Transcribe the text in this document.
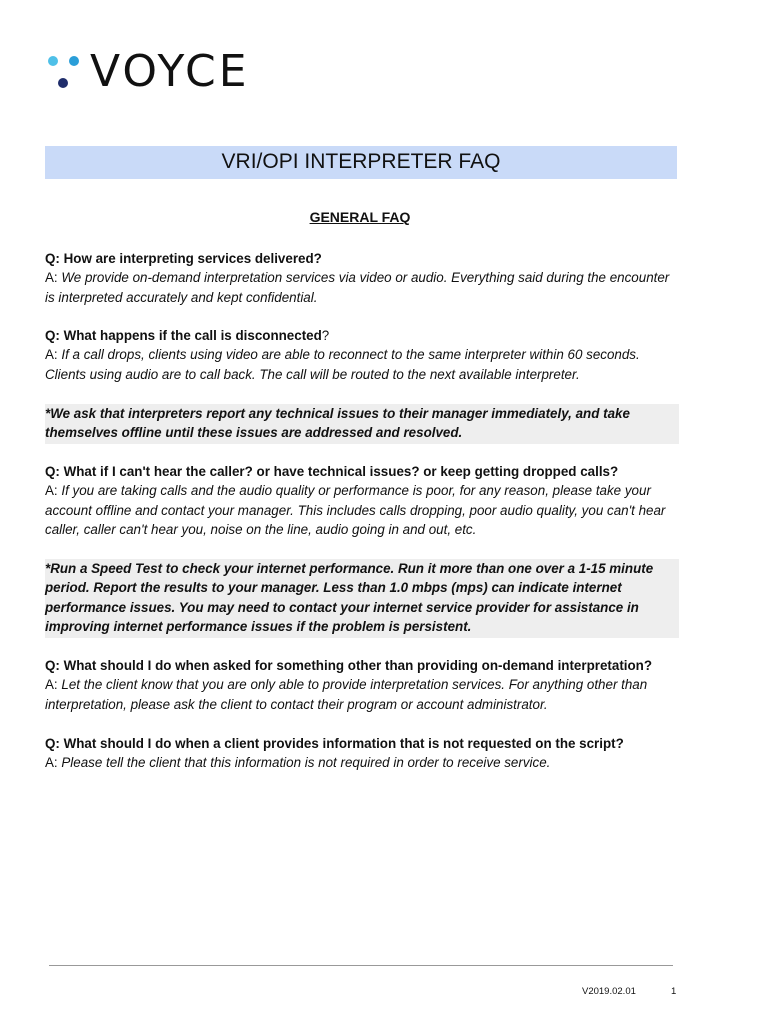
VOYCE
VRI/OPI INTERPRETER FAQ
GENERAL FAQ
Q: How are interpreting services delivered?
A: We provide on-demand interpretation services via video or audio. Everything said during the encounter is interpreted accurately and kept confidential.
Q: What happens if the call is disconnected?
A: If a call drops, clients using video are able to reconnect to the same interpreter within 60 seconds. Clients using audio are to call back. The call will be routed to the next available interpreter.
*We ask that interpreters report any technical issues to their manager immediately, and take themselves offline until these issues are addressed and resolved.
Q: What if I can't hear the caller? or have technical issues? or keep getting dropped calls?
A: If you are taking calls and the audio quality or performance is poor, for any reason, please take your account offline and contact your manager. This includes calls dropping, poor audio quality, you can't hear caller, caller can't hear you, noise on the line, audio going in and out, etc.
*Run a Speed Test to check your internet performance. Run it more than one over a 1-15 minute period. Report the results to your manager. Less than 1.0 mbps (mps) can indicate internet performance issues. You may need to contact your internet service provider for assistance in improving internet performance issues if the problem is persistent.
Q: What should I do when asked for something other than providing on-demand interpretation?
A: Let the client know that you are only able to provide interpretation services. For anything other than interpretation, please ask the client to contact their program or account administrator.
Q: What should I do when a client provides information that is not requested on the script?
A: Please tell the client that this information is not required in order to receive service.
V2019.02.01	1
